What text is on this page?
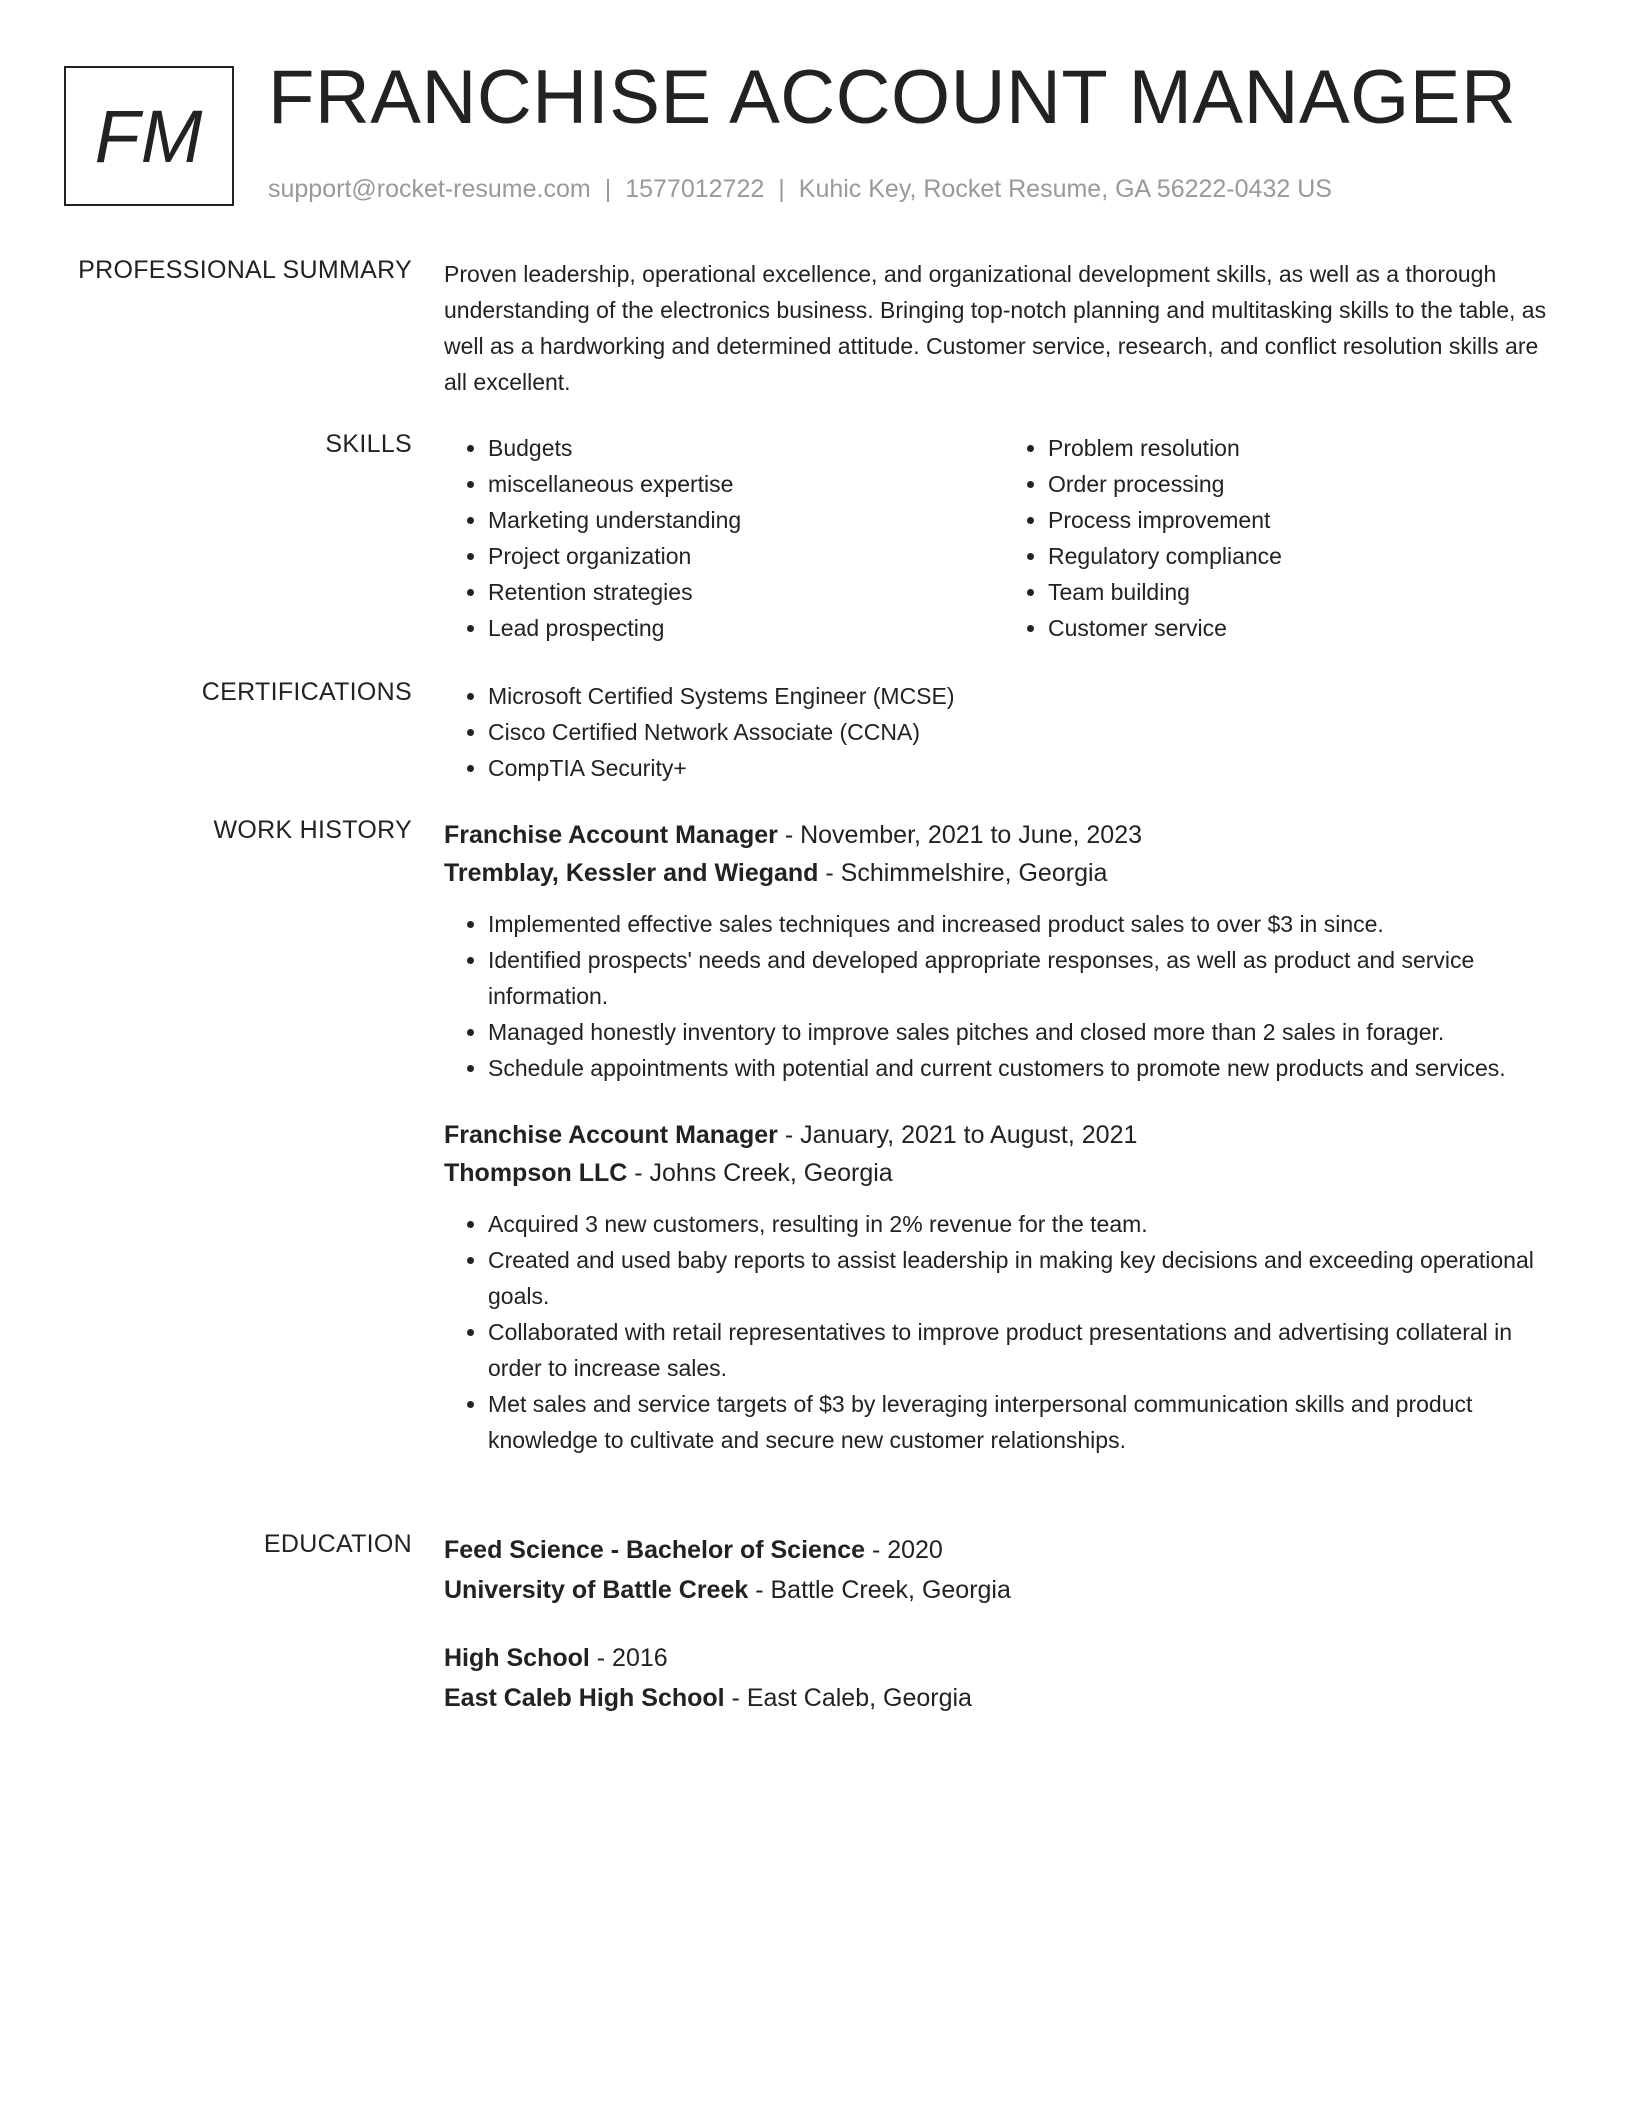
FM FRANCHISE ACCOUNT MANAGER
support@rocket-resume.com | 1577012722 | Kuhic Key, Rocket Resume, GA 56222-0432 US
PROFESSIONAL SUMMARY Proven leadership, operational excellence, and organizational development skills, as well as a thorough understanding of the electronics business. Bringing top-notch planning and multitasking skills to the table, as well as a hardworking and determined attitude. Customer service, research, and conflict resolution skills are all excellent.

SKILLS	• Budgets
• miscellaneous expertise
• Marketing understanding
• Project organization
• Retention strategies
• Lead prospecting
• Problem resolution
• Order processing
• Process improvement
• Regulatory compliance
• Team building
• Customer service
CERTIFICATIONS	• Microsoft Certified Systems Engineer (MCSE)
• Cisco Certified Network Associate (CCNA)
• CompTIA Security+
WORK HISTORY Franchise Account Manager - November, 2021 to June, 2023
Tremblay, Kessler and Wiegand - Schimmelshire, Georgia
• Implemented effective sales techniques and increased product sales to over $3 in since.
• Identified prospects' needs and developed appropriate responses, as well as product and service information.
• Managed honestly inventory to improve sales pitches and closed more than 2 sales in forager.
• Schedule appointments with potential and current customers to promote new products and services.
Franchise Account Manager - January, 2021 to August, 2021
Thompson LLC - Johns Creek, Georgia
• Acquired 3 new customers, resulting in 2% revenue for the team.
• Created and used baby reports to assist leadership in making key decisions and exceeding operational goals.
• Collaborated with retail representatives to improve product presentations and advertising collateral in order to increase sales.
• Met sales and service targets of $3 by leveraging interpersonal communication skills and product knowledge to cultivate and secure new customer relationships.
EDUCATION Feed Science - Bachelor of Science - 2020
University of Battle Creek - Battle Creek, Georgia
High School - 2016
East Caleb High School - East Caleb, Georgia
